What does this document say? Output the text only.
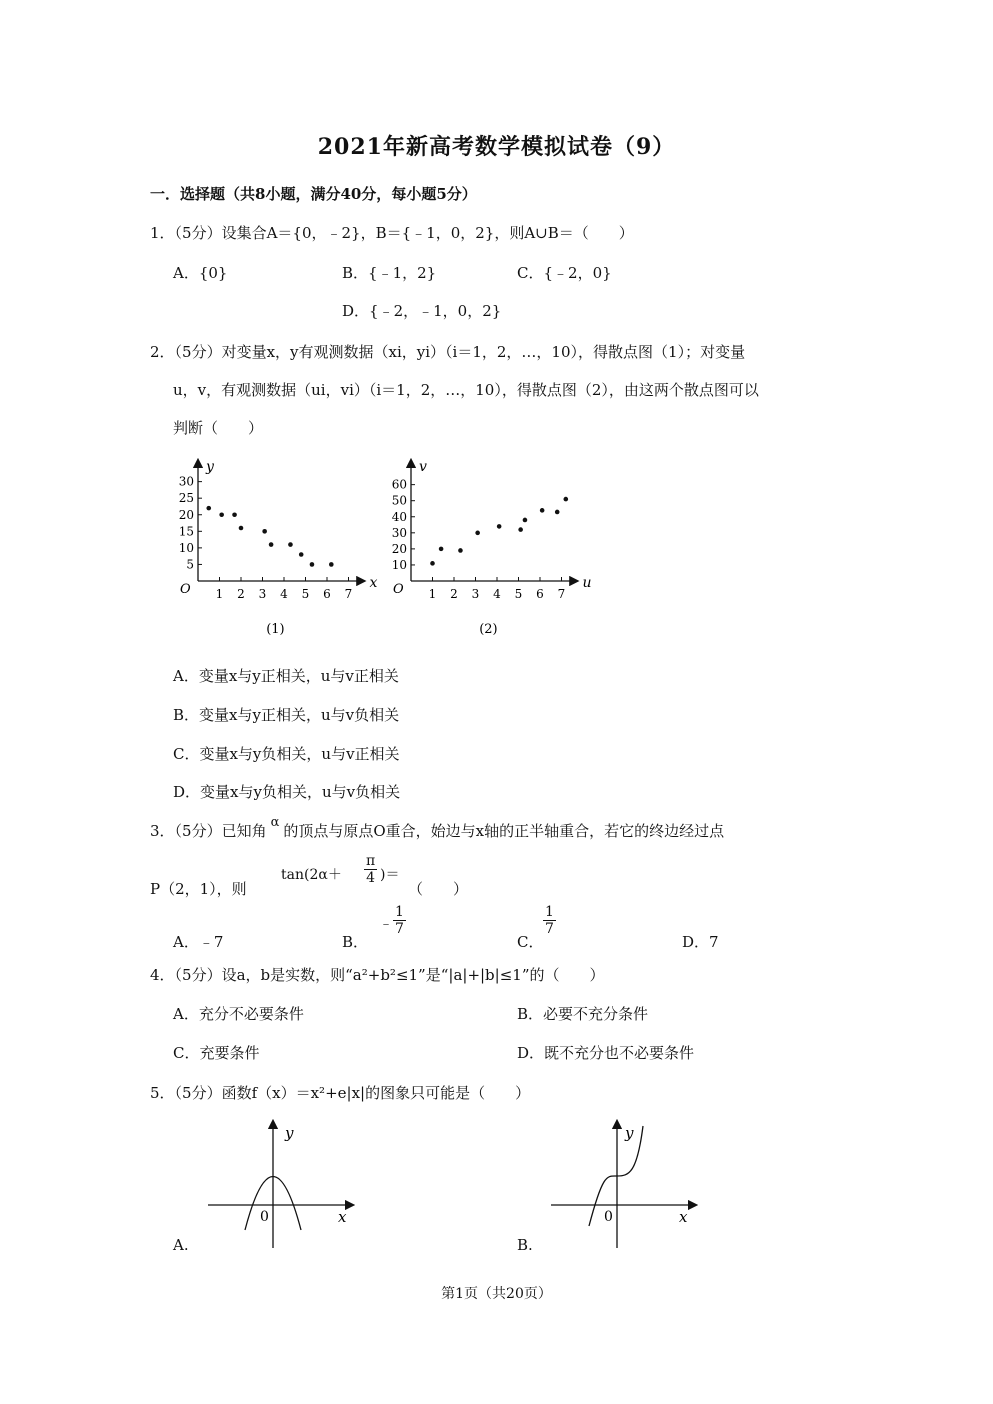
2021年新高考数学模拟试卷（9）
一．选择题（共8小题，满分40分，每小题5分）
1．（5分）设集合A＝{0，﹣2}，B＝{﹣1，0，2}，则A∪B＝（　　）
A．{0}	B．{﹣1，2}	C．{﹣2，0}
D．{﹣2，﹣1，0，2}
2．（5分）对变量x，y有观测数据（xi，yi）（i＝1，2，…，10），得散点图（1）；对变量
u，v，有观测数据（ui，vi）（i＝1，2，…，10），得散点图（2），由这两个散点图可以
判断（　　）
1 2 3 4 5 6 7
5
10
15
20
25
30
O	x
y
(1)
1 2 3 4 5 6 7
10
20
30
40
50
60
O	u
v
(2)
A．变量x与y正相关，u与v正相关
B．变量x与y正相关，u与v负相关
C．变量x与y负相关，u与v正相关
D．变量x与y负相关，u与v负相关
3．（5分）已知角 α 的顶点与原点O重合，始边与x轴的正半轴重合，若它的终边经过点
P（2，1），则
$\tan(2\alpha+ \frac{\pi}{4}$ )＝
（　　）
A．﹣7	B．
﹣ $\frac{1}{7}$
C．
$\frac{1}{7}$
D．7
4．（5分）设a，b是实数，则“a²+b²≤1”是“|a|+|b|≤1”的（　　）
A．充分不必要条件	B．必要不充分条件
C．充要条件	D．既不充分也不必要条件
5．（5分）函数f（x）＝x²+e|x|的图象只可能是（　　）
x
y
0
A.
x
y
0
B.
第1页（共20页）
